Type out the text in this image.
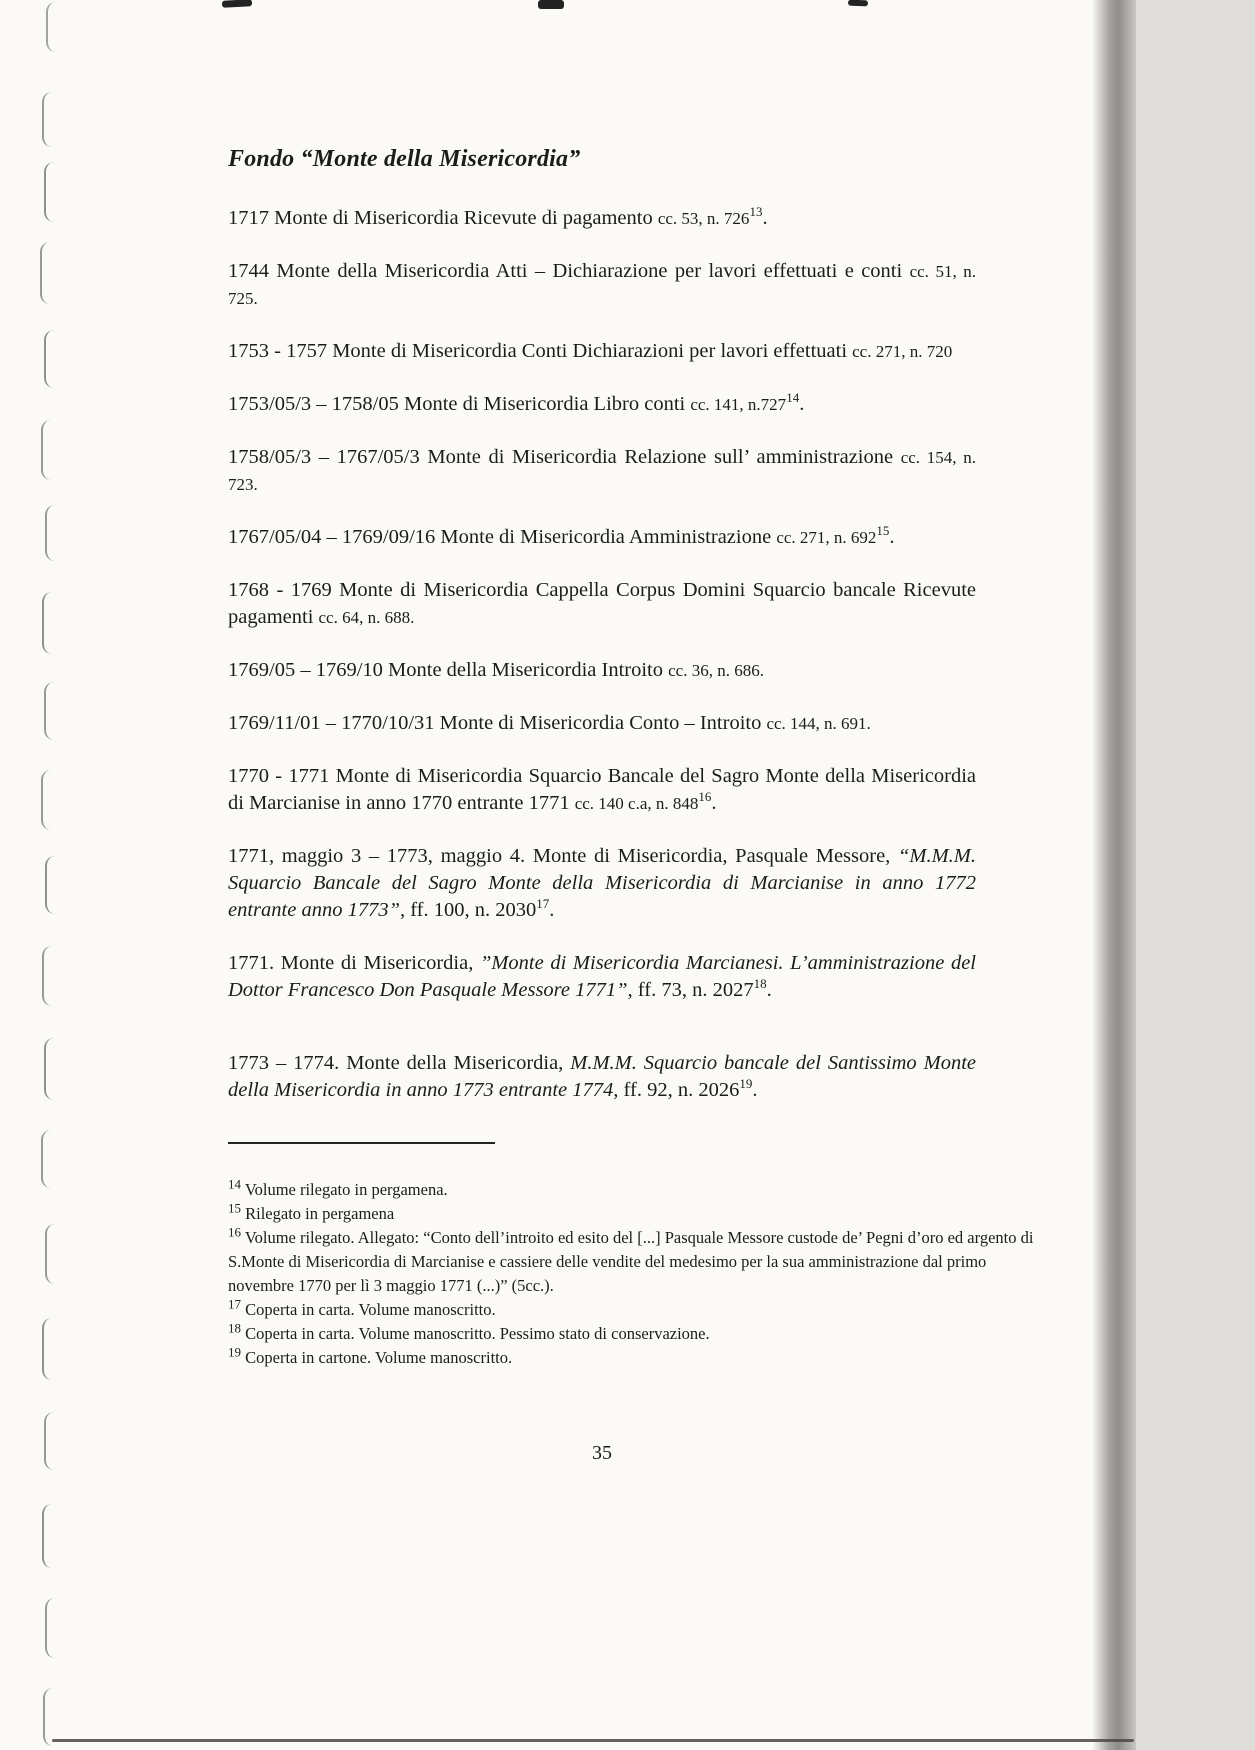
Fondo “Monte della Misericordia”

1717 Monte di Misericordia Ricevute di pagamento cc. 53, n. $726^{13}$.

1744 Monte della Misericordia Atti – Dichiarazione per lavori effettuati e conti cc. 51, n. 725.

1753 - 1757 Monte di Misericordia Conti Dichiarazioni per lavori effettuati cc. 271, n. 720

1753/05/3 – 1758/05 Monte di Misericordia Libro conti cc. 141, n.727$^{14}$.

1758/05/3 – 1767/05/3 Monte di Misericordia Relazione sull’ amministrazione cc. 154, n. 723.

1767/05/04 – 1769/09/16 Monte di Misericordia Amministrazione cc. 271, n. $692^{15}$.

1768 - 1769 Monte di Misericordia Cappella Corpus Domini Squarcio bancale Ricevute pagamenti cc. 64, n. 688.

1769/05 – 1769/10 Monte della Misericordia Introito cc. 36, n. 686.

1769/11/01 – 1770/10/31 Monte di Misericordia Conto – Introito cc. 144, n. 691.

1770 - 1771 Monte di Misericordia Squarcio Bancale del Sagro Monte della Misericordia di Marcianise in anno 1770 entrante 1771 cc. 140 c.a, n. $848^{16}$.

1771, maggio 3 – 1773, maggio 4. Monte di Misericordia, Pasquale Messore, “M.M.M. Squarcio Bancale del Sagro Monte della Misericordia di Marcianise in anno 1772 entrante anno 1773”, ff. 100, n. 2030$^{17}$.

1771. Monte di Misericordia, ”Monte di Misericordia Marcianesi. L’amministrazione del Dottor Francesco Don Pasquale Messore 1771”, ff. 73, n. 2027$^{18}$.

1773 – 1774. Monte della Misericordia, M.M.M. Squarcio bancale del Santissimo Monte della Misericordia in anno 1773 entrante 1774, ff. 92, n. 2026$^{19}$.

$^{14}$ Volume rilegato in pergamena.

$^{15}$ Rilegato in pergamena

$^{16}$ Volume rilegato. Allegato: “Conto dell’introito ed esito del [...] Pasquale Messore custode de’ Pegni d’oro ed argento di S.Monte di Misericordia di Marcianise e cassiere delle vendite del medesimo per la sua amministrazione dal primo novembre 1770 per lì 3 maggio 1771 (...)” (5cc.).

$^{17}$ Coperta in carta. Volume manoscritto.

$^{18}$ Coperta in carta. Volume manoscritto. Pessimo stato di conservazione.

$^{19}$ Coperta in cartone. Volume manoscritto.

35
